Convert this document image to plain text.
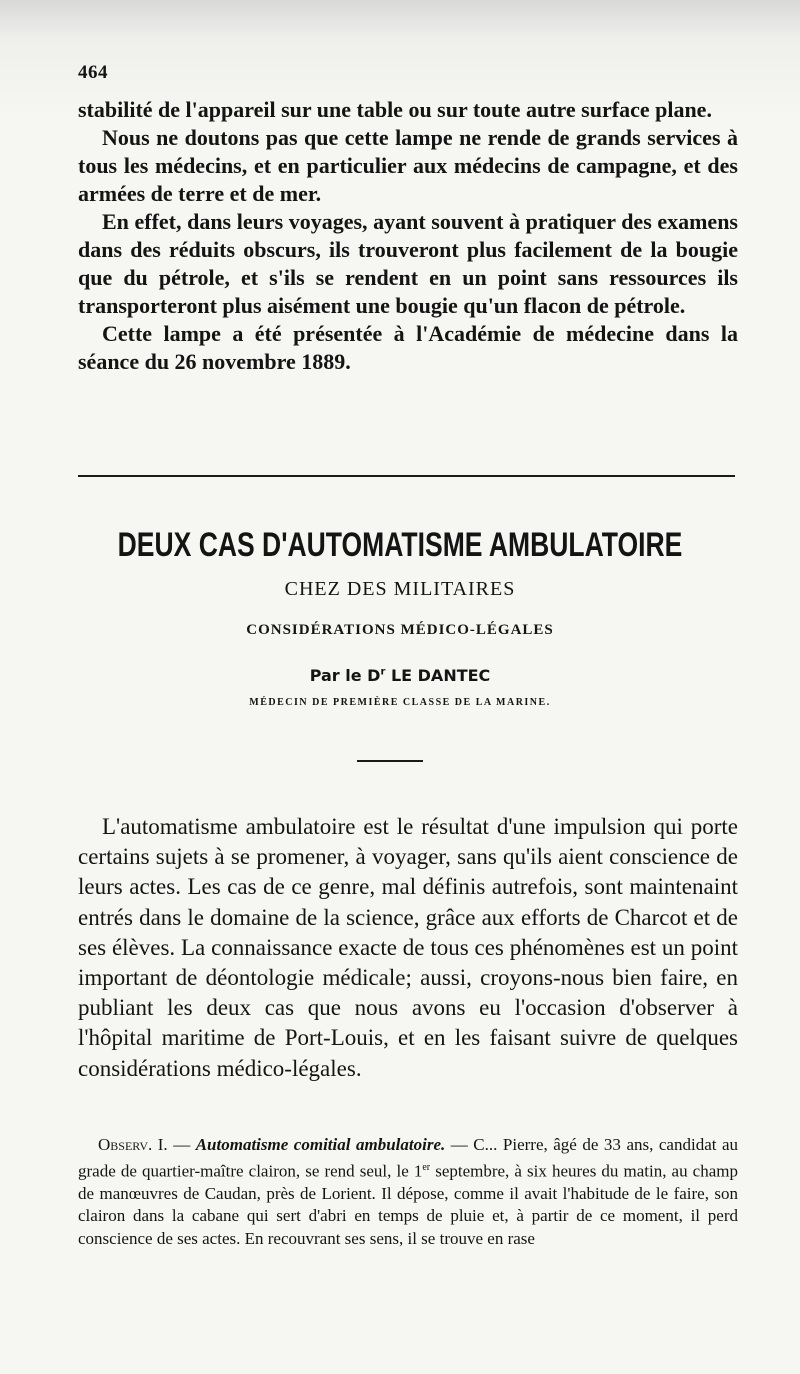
464

stabilité de l'appareil sur une table ou sur toute autre surface plane.

Nous ne doutons pas que cette lampe ne rende de grands services à tous les médecins, et en particulier aux médecins de campagne, et des armées de terre et de mer.

En effet, dans leurs voyages, ayant souvent à pratiquer des examens dans des réduits obscurs, ils trouveront plus facilement de la bougie que du pétrole, et s'ils se rendent en un point sans ressources ils transporteront plus aisément une bougie qu'un flacon de pétrole.

Cette lampe a été présentée à l'Académie de médecine dans la séance du 26 novembre 1889.

DEUX CAS D'AUTOMATISME AMBULATOIRE
CHEZ DES MILITAIRES
CONSIDÉRATIONS MÉDICO-LÉGALES
Par le $D^r$ LE DANTEC
MÉDECIN DE PREMIÈRE CLASSE DE LA MARINE.

L'automatisme ambulatoire est le résultat d'une impulsion qui porte certains sujets à se promener, à voyager, sans qu'ils aient conscience de leurs actes. Les cas de ce genre, mal définis autrefois, sont maintenaint entrés dans le domaine de la science, grâce aux efforts de Charcot et de ses élèves. La connaissance exacte de tous ces phénomènes est un point important de déontologie médicale; aussi, croyons-nous bien faire, en publiant les deux cas que nous avons eu l'occasion d'observer à l'hôpital maritime de Port-Louis, et en les faisant suivre de quelques considérations médico-légales.

Observ. I. — Automatisme comitial ambulatoire. — C... Pierre, âgé de 33 ans, candidat au grade de quartier-maître clairon, se rend seul, le 1er septembre, à six heures du matin, au champ de manœuvres de Caudan, près de Lorient. Il dépose, comme il avait l'habitude de le faire, son clairon dans la cabane qui sert d'abri en temps de pluie et, à partir de ce moment, il perd conscience de ses actes. En recouvrant ses sens, il se trouve en rase
